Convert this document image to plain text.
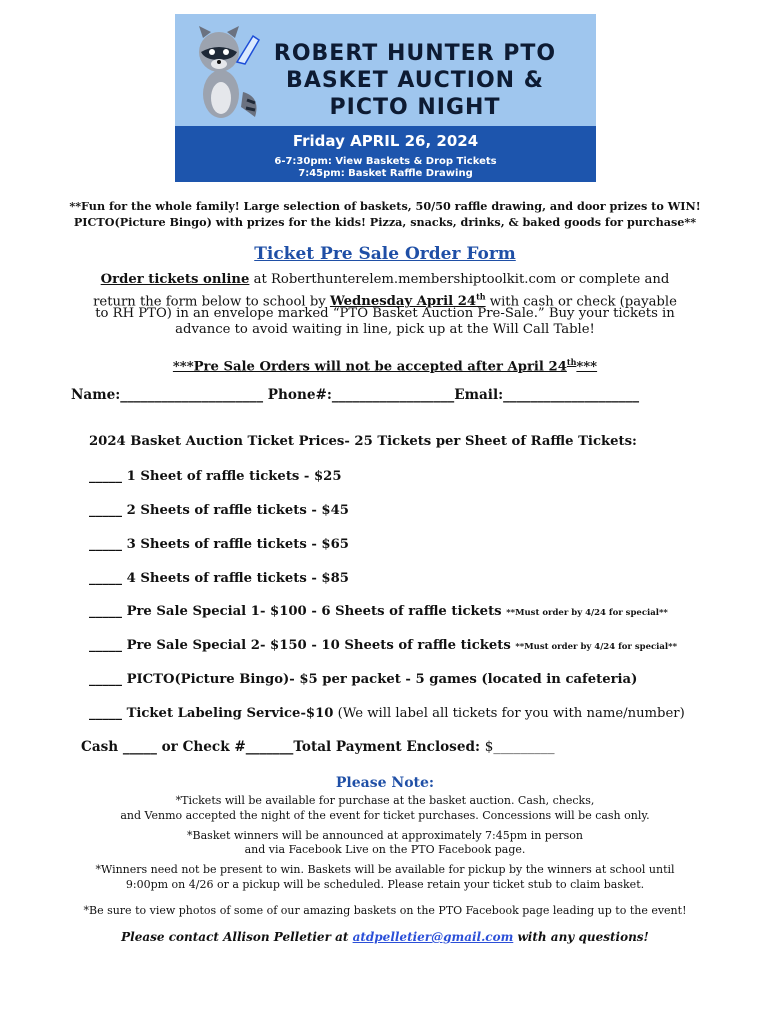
ROBERT HUNTER PTO
BASKET AUCTION &
PICTO NIGHT
Friday APRIL 26, 2024
6-7:30pm: View Baskets & Drop Tickets
7:45pm: Basket Raffle Drawing
**Fun for the whole family! Large selection of baskets, 50/50 raffle drawing, and door prizes to WIN!
PICTO(Picture Bingo) with prizes for the kids! Pizza, snacks, drinks, & baked goods for purchase**
Ticket Pre Sale Order Form
Order tickets online at Roberthunterelem.membershiptoolkit.com or complete and
return the form below to school by Wednesday April 24th with cash or check (payable
to RH PTO) in an envelope marked “PTO Basket Auction Pre-Sale.” Buy your tickets in
advance to avoid waiting in line, pick up at the Will Call Table!
***Pre Sale Orders will not be accepted after April 24th***
Name:_____________________ Phone#:__________________Email:____________________
2024 Basket Auction Ticket Prices- 25 Tickets per Sheet of Raffle Tickets:
_____ 1 Sheet of raffle tickets - $25
_____ 2 Sheets of raffle tickets - $45
_____ 3 Sheets of raffle tickets - $65
_____ 4 Sheets of raffle tickets - $85
_____ Pre Sale Special 1- $100 - 6 Sheets of raffle tickets **Must order by 4/24 for special**
_____ Pre Sale Special 2- $150 - 10 Sheets of raffle tickets **Must order by 4/24 for special**
_____ PICTO(Picture Bingo)- $5 per packet - 5 games (located in cafeteria)
_____ Ticket Labeling Service-$10 (We will label all tickets for you with name/number)
Cash _____ or Check #_______Total Payment Enclosed: $_________
Please Note:
*Tickets will be available for purchase at the basket auction. Cash, checks,
and Venmo accepted the night of the event for ticket purchases. Concessions will be cash only.
*Basket winners will be announced at approximately 7:45pm in person
and via Facebook Live on the PTO Facebook page.
*Winners need not be present to win. Baskets will be available for pickup by the winners at school until
9:00pm on 4/26 or a pickup will be scheduled. Please retain your ticket stub to claim basket.
*Be sure to view photos of some of our amazing baskets on the PTO Facebook page leading up to the event!
Please contact Allison Pelletier at atdpelletier@gmail.com with any questions!
